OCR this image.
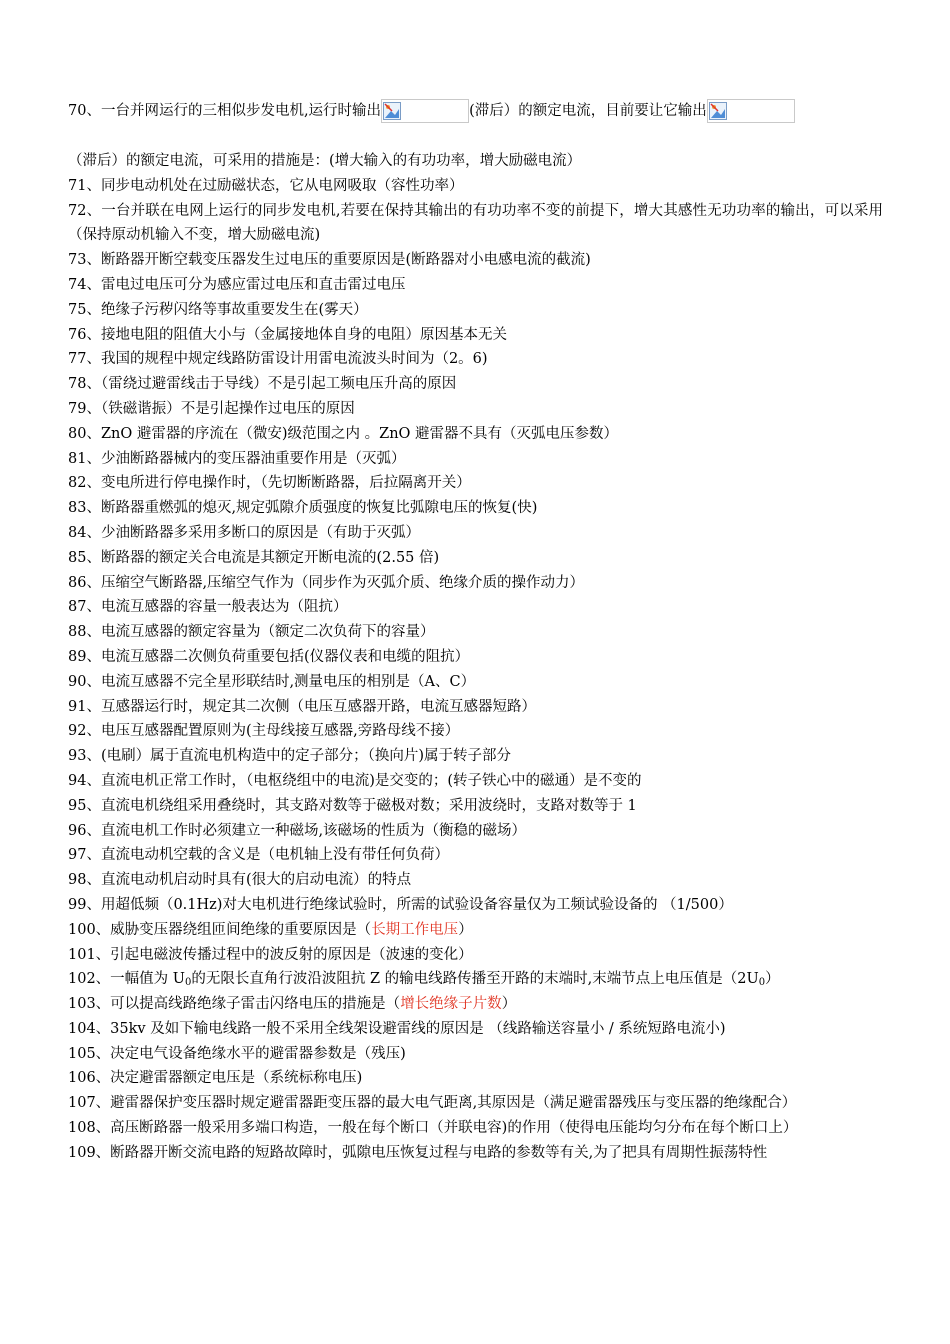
70、一台并网运行的三相似步发电机,运行时输出	(滞后）的额定电流，目前要让它输出
（滞后）的额定电流，可采用的措施是：(增大输入的有功功率，增大励磁电流）
71、同步电动机处在过励磁状态，它从电网吸取（容性功率）
72、一台并联在电网上运行的同步发电机,若要在保持其输出的有功功率不变的前提下，增大其感性无功功率的输出，可以采用（保持原动机输入不变，增大励磁电流)
73、断路器开断空载变压器发生过电压的重要原因是(断路器对小电感电流的截流)
74、雷电过电压可分为感应雷过电压和直击雷过电压
75、绝缘子污秽闪络等事故重要发生在(雾天）
76、接地电阻的阻值大小与（金属接地体自身的电阻）原因基本无关
77、我国的规程中规定线路防雷设计用雷电流波头时间为（2。6)
78、（雷绕过避雷线击于导线）不是引起工频电压升高的原因
79、（铁磁谐振）不是引起操作过电压的原因
80、ZnO 避雷器的序流在（微安)级范围之内 。ZnO 避雷器不具有（灭弧电压参数）
81、少油断路器械内的变压器油重要作用是（灭弧）
82、变电所进行停电操作时，（先切断断路器，后拉隔离开关）
83、断路器重燃弧的熄灭,规定弧隙介质强度的恢复比弧隙电压的恢复(快)
84、少油断路器多采用多断口的原因是（有助于灭弧）
85、断路器的额定关合电流是其额定开断电流的(2.55 倍)
86、压缩空气断路器,压缩空气作为（同步作为灭弧介质、绝缘介质的操作动力）
87、电流互感器的容量一般表达为（阻抗）
88、电流互感器的额定容量为（额定二次负荷下的容量）
89、电流互感器二次侧负荷重要包括(仪器仪表和电缆的阻抗）
90、电流互感器不完全星形联结时,测量电压的相别是（A、C）
91、互感器运行时，规定其二次侧（电压互感器开路，电流互感器短路）
92、电压互感器配置原则为(主母线接互感器,旁路母线不接）
93、(电刷）属于直流电机构造中的定子部分；（换向片)属于转子部分
94、直流电机正常工作时，（电枢绕组中的电流)是交变的；(转子铁心中的磁通）是不变的
95、直流电机绕组采用叠绕时，其支路对数等于磁极对数；采用波绕时，支路对数等于 1
96、直流电机工作时必须建立一种磁场,该磁场的性质为（衡稳的磁场）
97、直流电动机空载的含义是（电机轴上没有带任何负荷）
98、直流电动机启动时具有(很大的启动电流）的特点
99、用超低频（0.1Hz)对大电机进行绝缘试验时，所需的试验设备容量仅为工频试验设备的 （1/500）
100、威胁变压器绕组匝间绝缘的重要原因是（长期工作电压）
101、引起电磁波传播过程中的波反射的原因是（波速的变化）
102、一幅值为 $U_0$的无限长直角行波沿波阻抗 Z 的输电线路传播至开路的末端时,末端节点上电压值是$(2U_0)$
103、可以提高线路绝缘子雷击闪络电压的措施是（增长绝缘子片数）
104、35kv 及如下输电线路一般不采用全线架设避雷线的原因是 （线路输送容量小 / 系统短路电流小)
105、决定电气设备绝缘水平的避雷器参数是（残压)
106、决定避雷器额定电压是（系统标称电压)
107、避雷器保护变压器时规定避雷器距变压器的最大电气距离,其原因是（满足避雷器残压与变压器的绝缘配合）
108、高压断路器一般采用多端口构造，一般在每个断口（并联电容)的作用（使得电压能均匀分布在每个断口上）
109、断路器开断交流电路的短路故障时，弧隙电压恢复过程与电路的参数等有关,为了把具有周期性振荡特性
